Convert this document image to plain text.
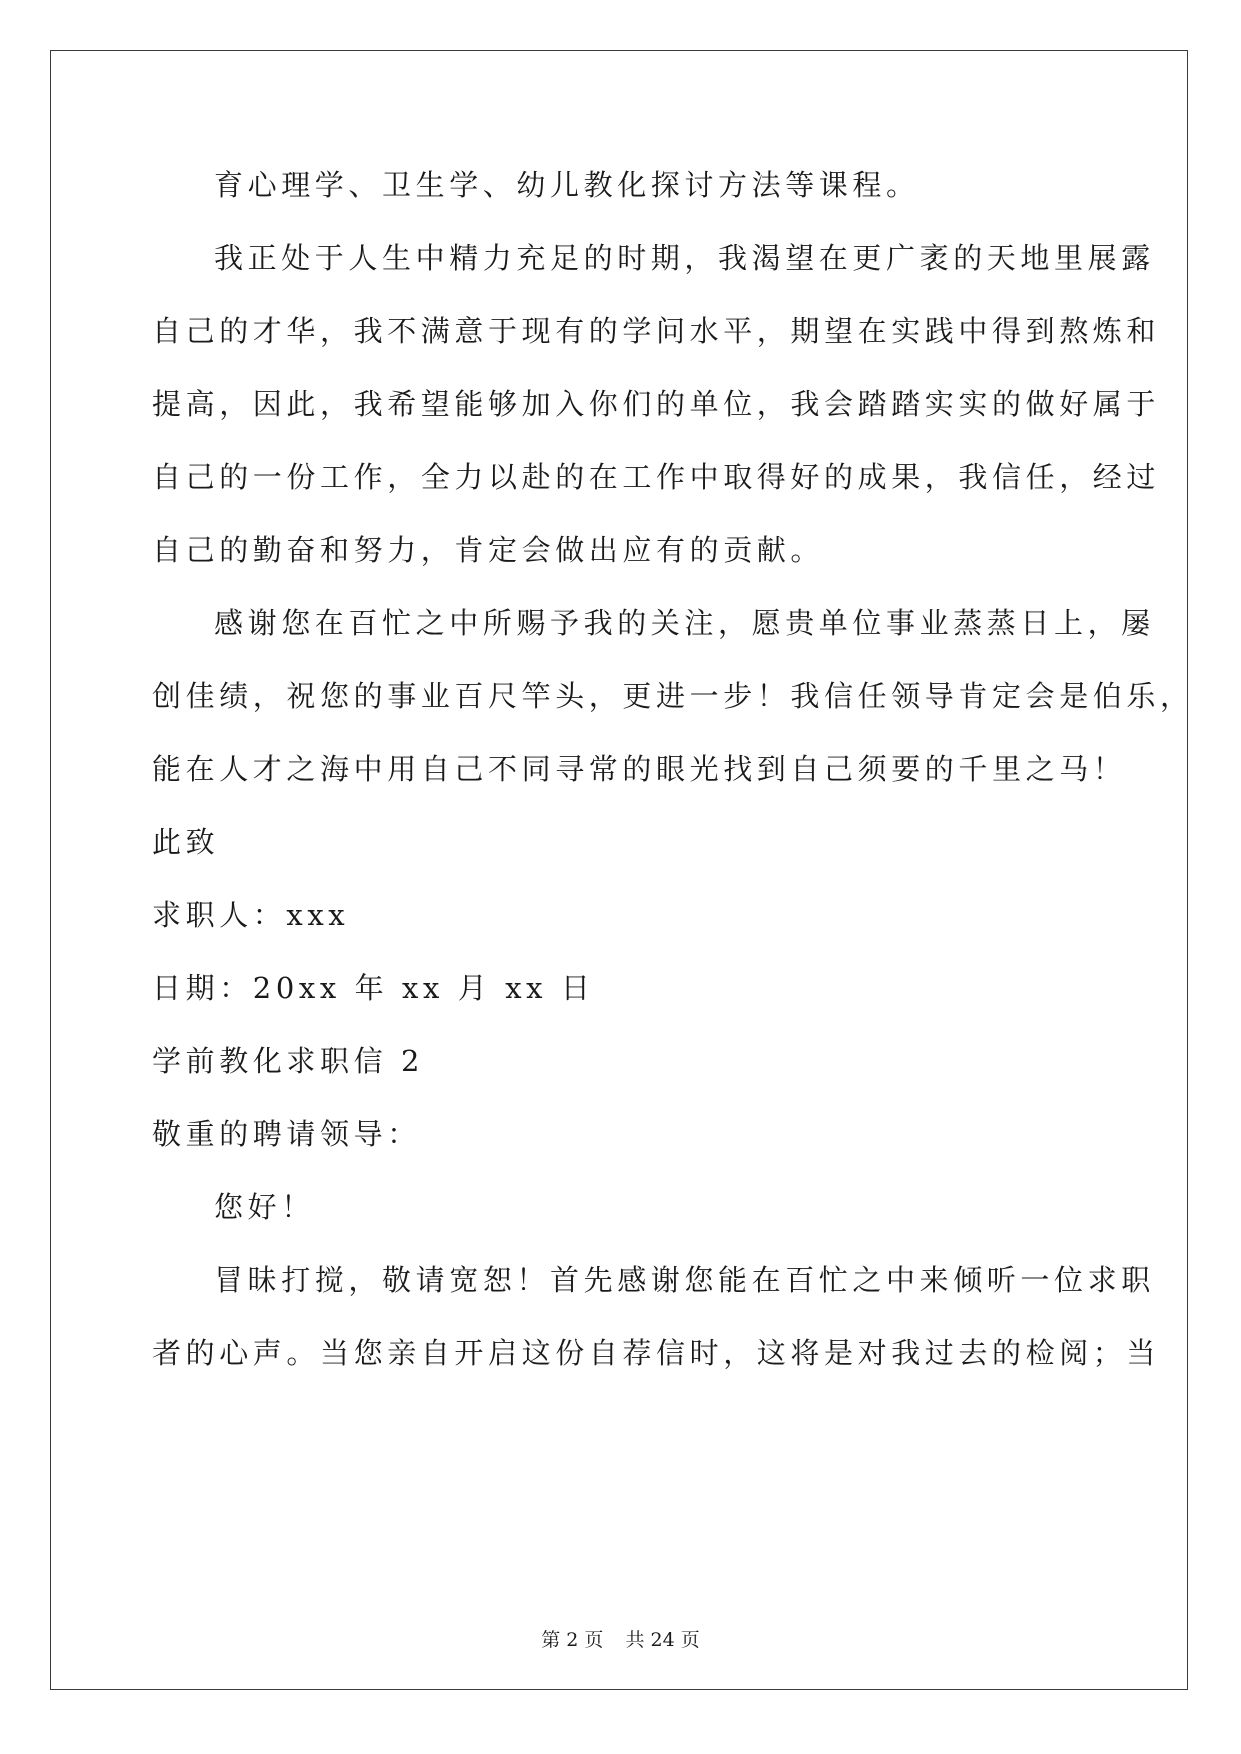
育心理学、卫生学、幼儿教化探讨方法等课程。
我正处于人生中精力充足的时期，我渴望在更广袤的天地里展露
自己的才华，我不满意于现有的学问水平，期望在实践中得到熬炼和
提高，因此，我希望能够加入你们的单位，我会踏踏实实的做好属于
自己的一份工作，全力以赴的在工作中取得好的成果，我信任，经过
自己的勤奋和努力，肯定会做出应有的贡献。
感谢您在百忙之中所赐予我的关注，愿贵单位事业蒸蒸日上，屡
创佳绩，祝您的事业百尺竿头，更进一步！我信任领导肯定会是伯乐，
能在人才之海中用自己不同寻常的眼光找到自己须要的千里之马！
此致
求职人：xxx
日期：20xx 年 xx 月 xx 日
学前教化求职信 2
敬重的聘请领导：
您好！
冒昧打搅，敬请宽恕！首先感谢您能在百忙之中来倾听一位求职
者的心声。当您亲自开启这份自荐信时，这将是对我过去的检阅；当
第 2 页 共 24 页
